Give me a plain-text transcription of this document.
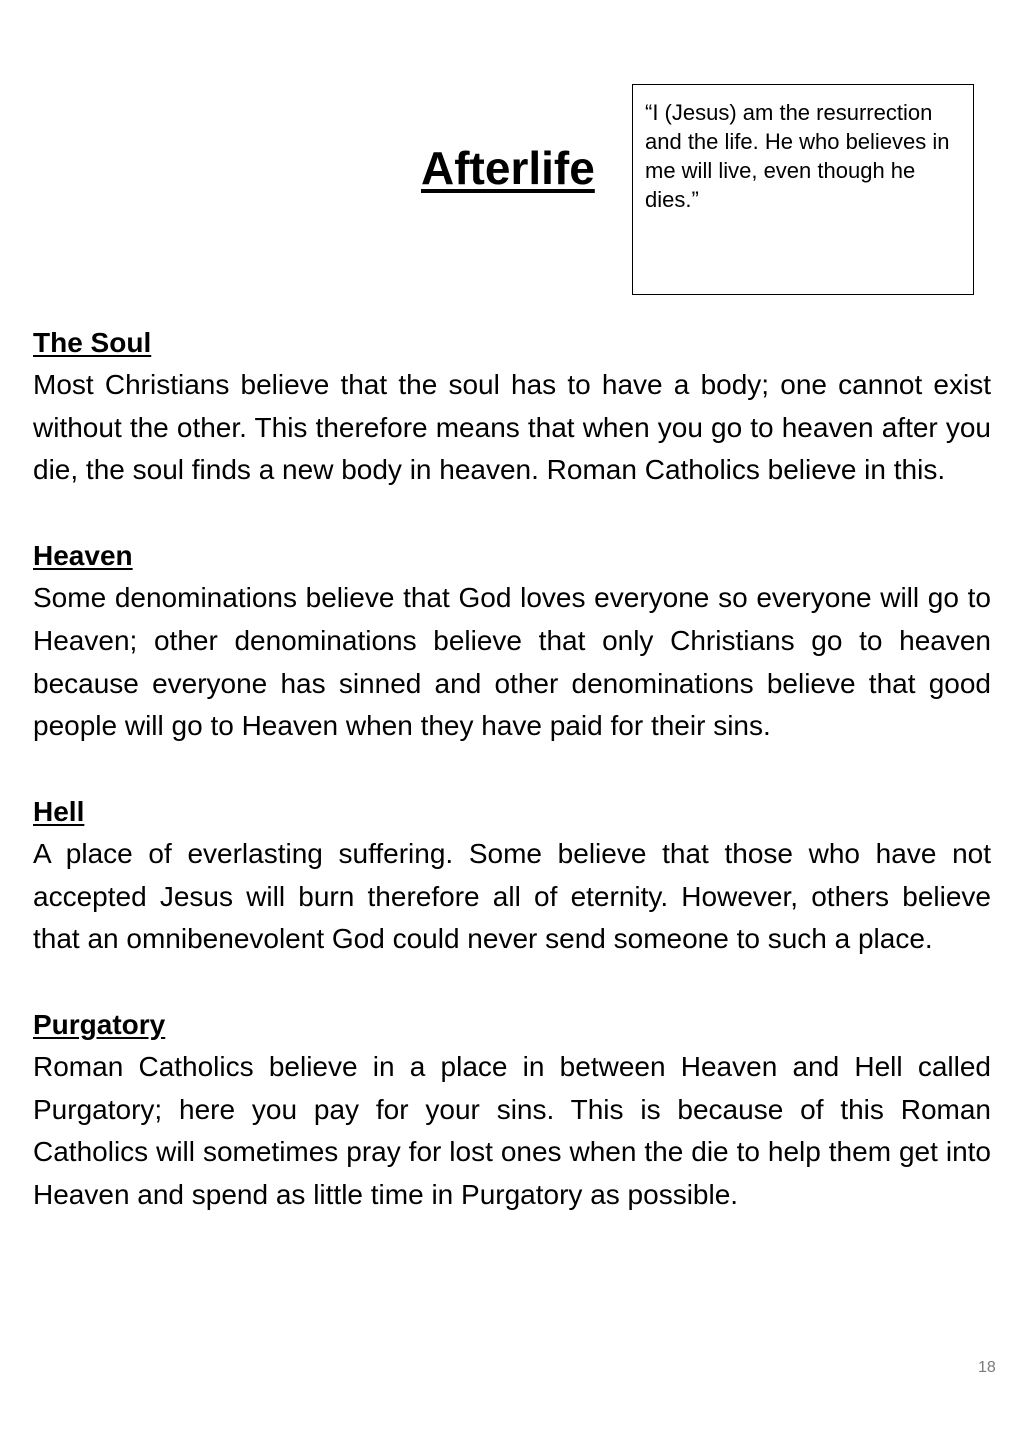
Afterlife
“I (Jesus) am the resurrection and the life. He who believes in me will live, even though he dies.”
The Soul

Most Christians believe that the soul has to have a body; one cannot exist without the other. This therefore means that when you go to heaven after you die, the soul finds a new body in heaven. Roman Catholics believe in this.

Heaven

Some denominations believe that God loves everyone so everyone will go to Heaven; other denominations believe that only Christians go to heaven because everyone has sinned and other denominations believe that good people will go to Heaven when they have paid for their sins.

Hell

A place of everlasting suffering. Some believe that those who have not accepted Jesus will burn therefore all of eternity. However, others believe that an omnibenevolent God could never send someone to such a place.

Purgatory

Roman Catholics believe in a place in between Heaven and Hell called Purgatory; here you pay for your sins. This is because of this Roman Catholics will sometimes pray for lost ones when the die to help them get into Heaven and spend as little time in Purgatory as possible.

18
